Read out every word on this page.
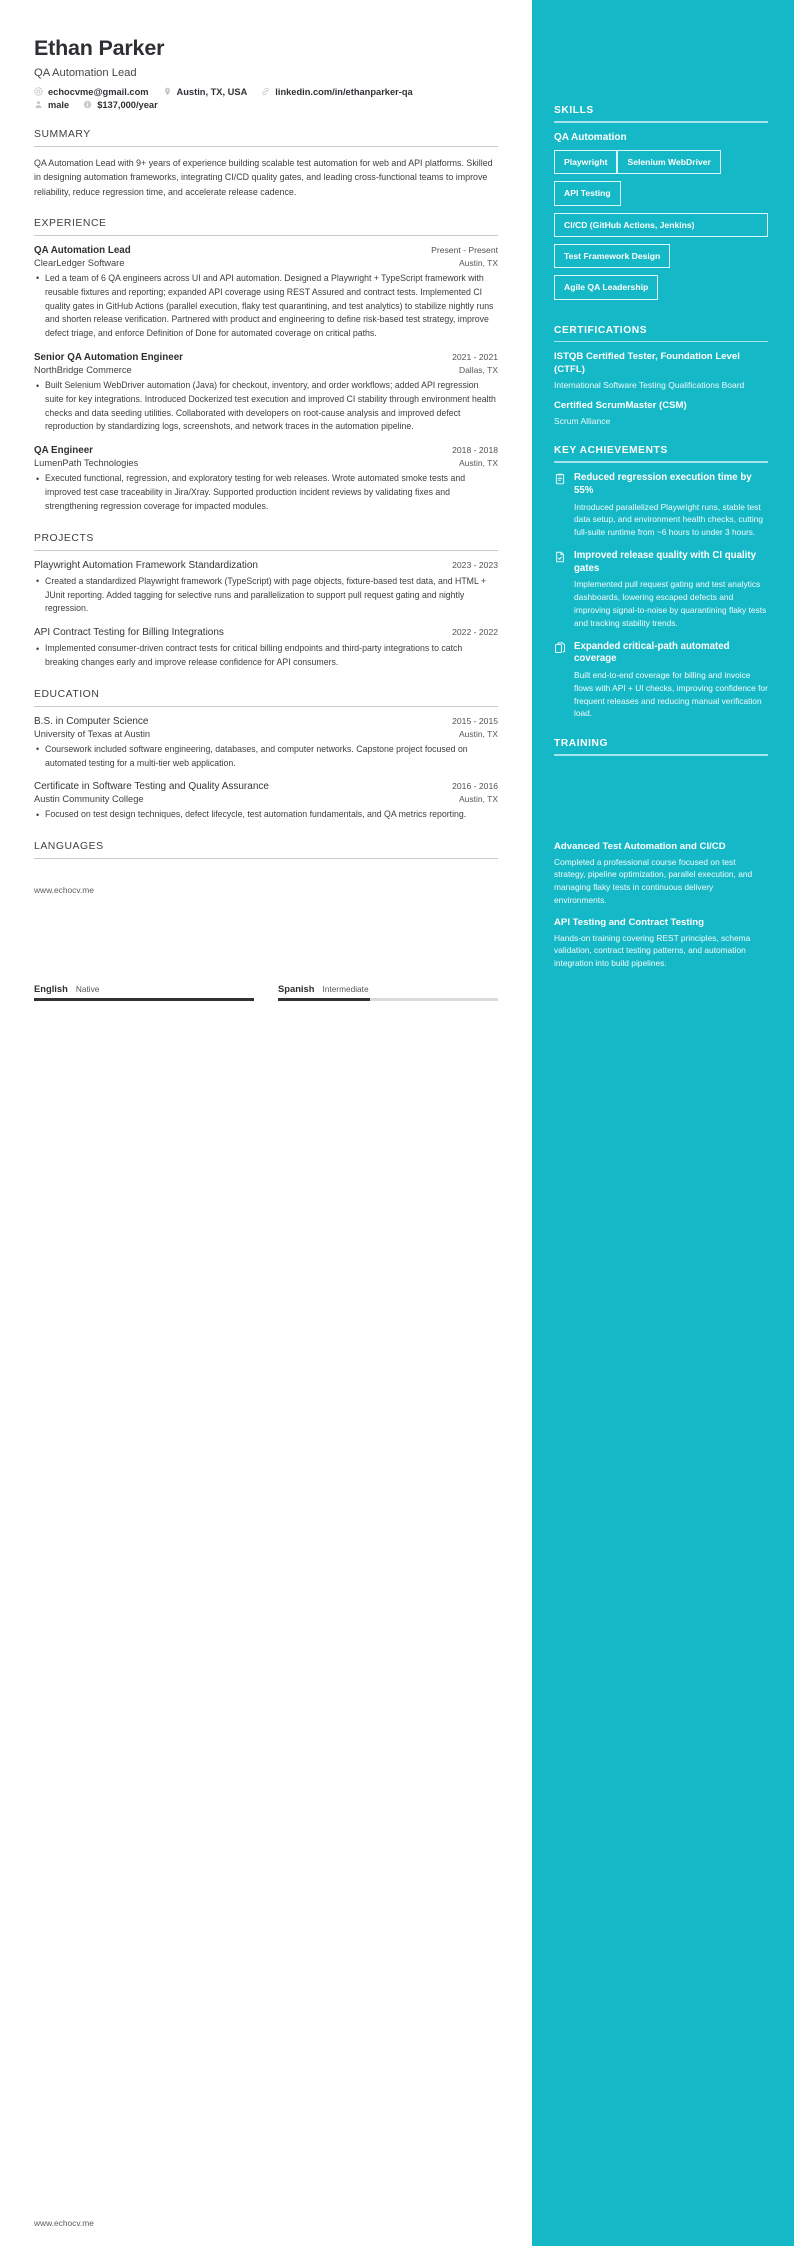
Ethan Parker
QA Automation Lead
echocvme@gmail.com	Austin, TX, USA	linkedin.com/in/ethanparker-qa
male	$137,000/year
SUMMARY
QA Automation Lead with 9+ years of experience building scalable test automation for web and API platforms. Skilled in designing automation frameworks, integrating CI/CD quality gates, and leading cross-functional teams to improve reliability, reduce regression time, and accelerate release cadence.
EXPERIENCE
QA Automation Lead	Present - Present
ClearLedger Software	Austin, TX
• Led a team of 6 QA engineers across UI and API automation. Designed a Playwright + TypeScript framework with reusable fixtures and reporting; expanded API coverage using REST Assured and contract tests. Implemented CI quality gates in GitHub Actions (parallel execution, flaky test quarantining, and test analytics) to stabilize nightly runs and shorten release verification. Partnered with product and engineering to define risk-based test strategy, improve defect triage, and enforce Definition of Done for automated coverage on critical paths.
Senior QA Automation Engineer	2021 - 2021
NorthBridge Commerce	Dallas, TX
• Built Selenium WebDriver automation (Java) for checkout, inventory, and order workflows; added API regression suite for key integrations. Introduced Dockerized test execution and improved CI stability through environment health checks and data seeding utilities. Collaborated with developers on root-cause analysis and improved defect reproduction by standardizing logs, screenshots, and network traces in the automation pipeline.
QA Engineer	2018 - 2018
LumenPath Technologies	Austin, TX
• Executed functional, regression, and exploratory testing for web releases. Wrote automated smoke tests and improved test case traceability in Jira/Xray. Supported production incident reviews by validating fixes and strengthening regression coverage for impacted modules.
PROJECTS
Playwright Automation Framework Standardization	2023 - 2023
• Created a standardized Playwright framework (TypeScript) with page objects, fixture-based test data, and HTML + JUnit reporting. Added tagging for selective runs and parallelization to support pull request gating and nightly regression.
API Contract Testing for Billing Integrations	2022 - 2022
• Implemented consumer-driven contract tests for critical billing endpoints and third-party integrations to catch breaking changes early and improve release confidence for API consumers.
EDUCATION
B.S. in Computer Science	2015 - 2015
University of Texas at Austin	Austin, TX
• Coursework included software engineering, databases, and computer networks. Capstone project focused on automated testing for a multi-tier web application.
Certificate in Software Testing and Quality Assurance	2016 - 2016
Austin Community College	Austin, TX
• Focused on test design techniques, defect lifecycle, test automation fundamentals, and QA metrics reporting.
LANGUAGES
www.echocv.me
English Native	Spanish Intermediate
SKILLS
QA Automation
Playwright Selenium WebDriverAPI Testing
CI/CD (GitHub Actions, Jenkins)
Test Framework DesignAgile QA Leadership
CERTIFICATIONS
ISTQB Certified Tester, Foundation Level (CTFL)
International Software Testing Qualifications Board
Certified ScrumMaster (CSM)
Scrum Alliance
KEY ACHIEVEMENTS
Reduced regression execution time by 55%
Introduced parallelized Playwright runs, stable test data setup, and environment health checks, cutting full-suite runtime from ~6 hours to under 3 hours.
Improved release quality with CI quality gates
Implemented pull request gating and test analytics dashboards, lowering escaped defects and improving signal-to-noise by quarantining flaky tests and tracking stability trends.
Expanded critical-path automated coverage
Built end-to-end coverage for billing and invoice flows with API + UI checks, improving confidence for frequent releases and reducing manual verification load.
TRAINING
Advanced Test Automation and CI/CD
Completed a professional course focused on test strategy, pipeline optimization, parallel execution, and managing flaky tests in continuous delivery environments.
API Testing and Contract Testing
Hands-on training covering REST principles, schema validation, contract testing patterns, and automation integration into build pipelines.
www.echocv.me
